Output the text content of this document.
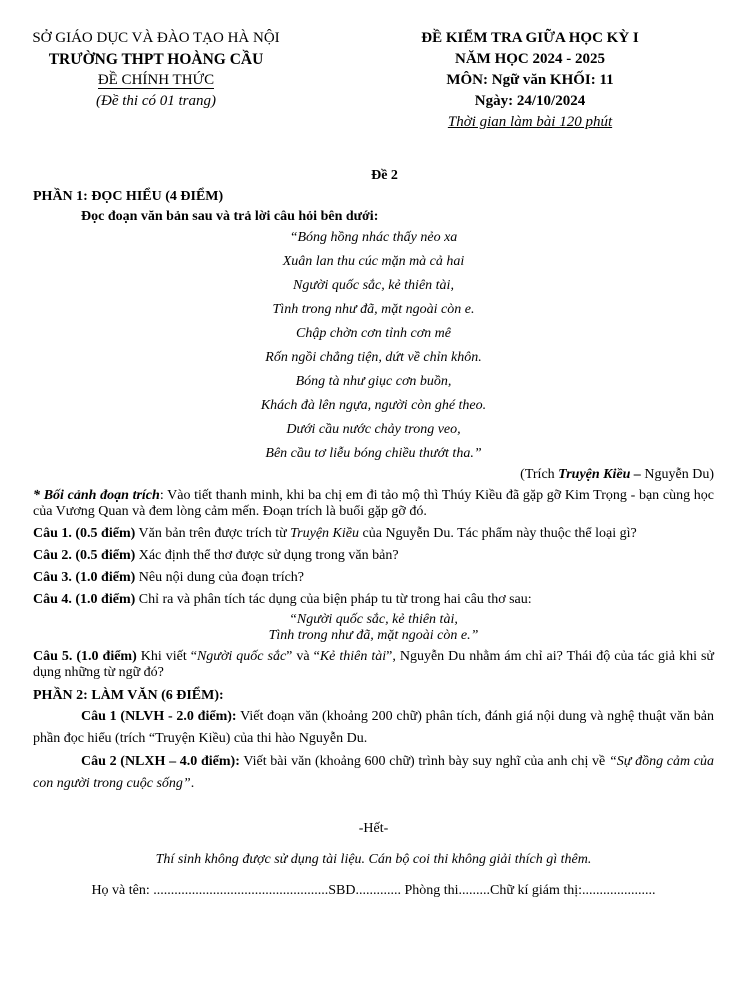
SỞ GIÁO DỤC VÀ ĐÀO TẠO HÀ NỘI
TRƯỜNG THPT HOÀNG CẦU
ĐỀ CHÍNH THỨC
(Đề thi có 01 trang)
ĐỀ KIỂM TRA GIỮA HỌC KỲ I
NĂM HỌC 2024 - 2025
MÔN: Ngữ văn KHỐI: 11
Ngày: 24/10/2024
Thời gian làm bài 120 phút
Đề 2
PHẦN 1: ĐỌC HIỂU (4 ĐIỂM)
Đọc đoạn văn bản sau và trả lời câu hỏi bên dưới:
“Bóng hồng nhác thấy nẻo xa
Xuân lan thu cúc mặn mà cả hai
Người quốc sắc, kẻ thiên tài,
Tình trong như đã, mặt ngoài còn e.
Chập chờn cơn tỉnh cơn mê
Rốn ngồi chẳng tiện, dứt về chỉn khôn.
Bóng tà như giục cơn buồn,
Khách đà lên ngựa, người còn ghé theo.
Dưới cầu nước chảy trong veo,
Bên cầu tơ liễu bóng chiều thướt tha.”
(Trích Truyện Kiều – Nguyễn Du)
* Bối cảnh đoạn trích: Vào tiết thanh minh, khi ba chị em đi tảo mộ thì Thúy Kiều đã gặp gỡ Kim Trọng - bạn cùng học của Vương Quan và đem lòng cảm mến. Đoạn trích là buổi gặp gỡ đó.
Câu 1. (0.5 điểm) Văn bản trên được trích từ Truyện Kiều của Nguyễn Du. Tác phẩm này thuộc thể loại gì?
Câu 2. (0.5 điểm) Xác định thể thơ được sử dụng trong văn bản?
Câu 3. (1.0 điểm) Nêu nội dung của đoạn trích?
Câu 4. (1.0 điểm) Chỉ ra và phân tích tác dụng của biện pháp tu từ trong hai câu thơ sau:
“Người quốc sắc, kẻ thiên tài,
Tình trong như đã, mặt ngoài còn e.”
Câu 5. (1.0 điểm) Khi viết “Người quốc sắc” và “Kẻ thiên tài”, Nguyễn Du nhằm ám chỉ ai? Thái độ của tác giả khi sử dụng những từ ngữ đó?
PHẦN 2: LÀM VĂN (6 ĐIỂM):
Câu 1 (NLVH - 2.0 điểm): Viết đoạn văn (khoảng 200 chữ) phân tích, đánh giá nội dung và nghệ thuật văn bản phần đọc hiểu (trích “Truyện Kiều) của thi hào Nguyễn Du.
Câu 2 (NLXH – 4.0 điểm): Viết bài văn (khoảng 600 chữ) trình bày suy nghĩ của anh chị về “Sự đồng cảm của con người trong cuộc sống”.
-Hết-
Thí sinh không được sử dụng tài liệu. Cán bộ coi thi không giải thích gì thêm.
Họ và tên: ..................................................SBD............. Phòng thi.........Chữ kí giám thị:.....................
